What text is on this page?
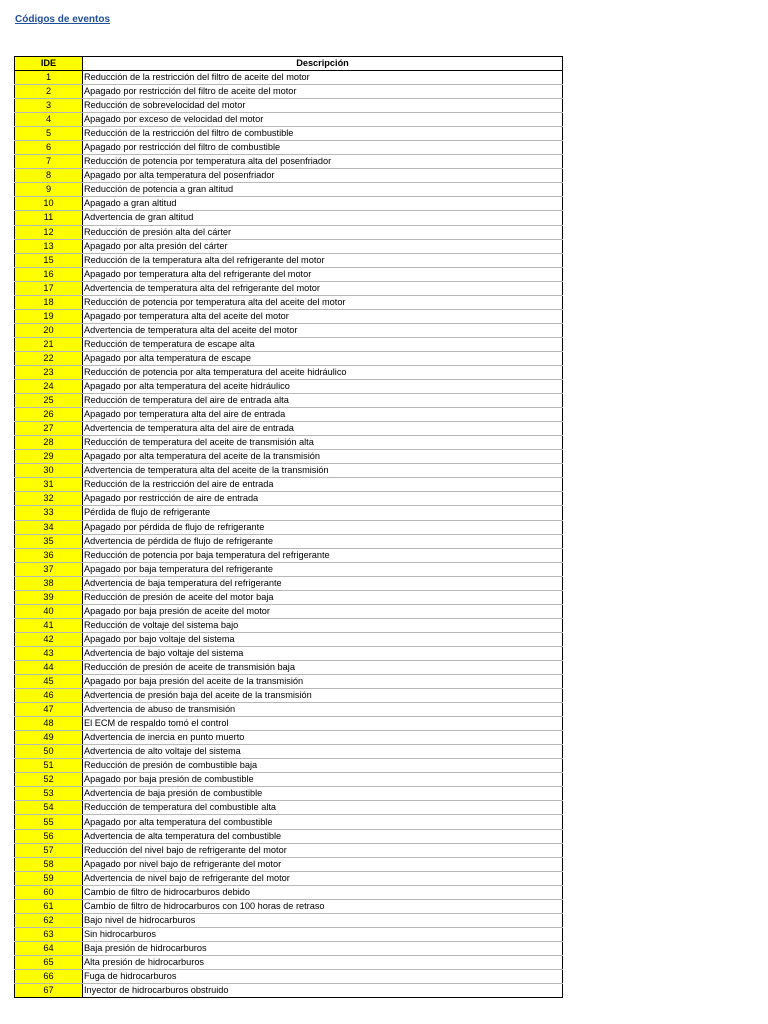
Códigos de eventos
IDE	Descripción
1	Reducción de la restricción del filtro de aceite del motor
2	Apagado por restricción del filtro de aceite del motor
3	Reducción de sobrevelocidad del motor
4	Apagado por exceso de velocidad del motor
5	Reducción de la restricción del filtro de combustible
6	Apagado por restricción del filtro de combustible
7	Reducción de potencia por temperatura alta del posenfriador
8	Apagado por alta temperatura del posenfriador
9	Reducción de potencia a gran altitud
10	Apagado a gran altitud
11	Advertencia de gran altitud
12	Reducción de presión alta del cárter
13	Apagado por alta presión del cárter
15	Reducción de la temperatura alta del refrigerante del motor
16	Apagado por temperatura alta del refrigerante del motor
17	Advertencia de temperatura alta del refrigerante del motor
18	Reducción de potencia por temperatura alta del aceite del motor
19	Apagado por temperatura alta del aceite del motor
20	Advertencia de temperatura alta del aceite del motor
21	Reducción de temperatura de escape alta
22	Apagado por alta temperatura de escape
23	Reducción de potencia por alta temperatura del aceite hidráulico
24	Apagado por alta temperatura del aceite hidráulico
25	Reducción de temperatura del aire de entrada alta
26	Apagado por temperatura alta del aire de entrada
27	Advertencia de temperatura alta del aire de entrada
28	Reducción de temperatura del aceite de transmisión alta
29	Apagado por alta temperatura del aceite de la transmisión
30	Advertencia de temperatura alta del aceite de la transmisión
31	Reducción de la restricción del aire de entrada
32	Apagado por restricción de aire de entrada
33	Pérdida de flujo de refrigerante
34	Apagado por pérdida de flujo de refrigerante
35	Advertencia de pérdida de flujo de refrigerante
36	Reducción de potencia por baja temperatura del refrigerante
37	Apagado por baja temperatura del refrigerante
38	Advertencia de baja temperatura del refrigerante
39	Reducción de presión de aceite del motor baja
40	Apagado por baja presión de aceite del motor
41	Reducción de voltaje del sistema bajo
42	Apagado por bajo voltaje del sistema
43	Advertencia de bajo voltaje del sistema
44	Reducción de presión de aceite de transmisión baja
45	Apagado por baja presión del aceite de la transmisión
46	Advertencia de presión baja del aceite de la transmisión
47	Advertencia de abuso de transmisión
48	El ECM de respaldo tomó el control
49	Advertencia de inercia en punto muerto
50	Advertencia de alto voltaje del sistema
51	Reducción de presión de combustible baja
52	Apagado por baja presión de combustible
53	Advertencia de baja presión de combustible
54	Reducción de temperatura del combustible alta
55	Apagado por alta temperatura del combustible
56	Advertencia de alta temperatura del combustible
57	Reducción del nivel bajo de refrigerante del motor
58	Apagado por nivel bajo de refrigerante del motor
59	Advertencia de nivel bajo de refrigerante del motor
60	Cambio de filtro de hidrocarburos debido
61	Cambio de filtro de hidrocarburos con 100 horas de retraso
62	Bajo nivel de hidrocarburos
63	Sin hidrocarburos
64	Baja presión de hidrocarburos
65	Alta presión de hidrocarburos
66	Fuga de hidrocarburos
67	Inyector de hidrocarburos obstruido
